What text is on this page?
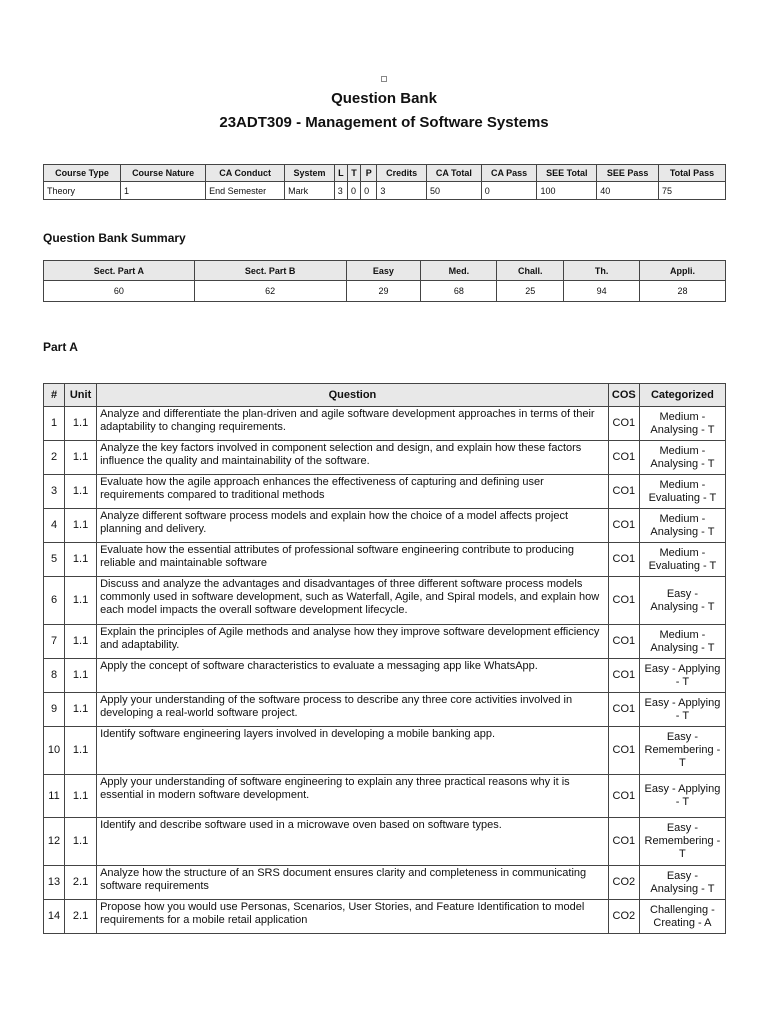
Question Bank
23ADT309 - Management of Software Systems
Course Type	Course Nature	CA Conduct	System	L	T	P	Credits	CA Total	CA Pass	SEE Total	SEE Pass	Total Pass
Theory	1	End Semester	Mark	3	0	0	3	50	0	100	40	75
Question Bank Summary
Sect. Part A	Sect. Part B	Easy	Med.	Chall.	Th.	Appli.
60	62	29	68	25	94	28
Part A
#	Unit	Question	COS	Categorized
1	1.1	Analyze and differentiate the plan-driven and agile software development approaches in terms of their adaptability to changing requirements.	CO1	Medium - Analysing - T
2	1.1	Analyze the key factors involved in component selection and design, and explain how these factors influence the quality and maintainability of the software.	CO1	Medium - Analysing - T
3	1.1	Evaluate how the agile approach enhances the effectiveness of capturing and defining user requirements compared to traditional methods	CO1	Medium - Evaluating - T
4	1.1	Analyze different software process models and explain how the choice of a model affects project planning and delivery.	CO1	Medium - Analysing - T
5	1.1	Evaluate how the essential attributes of professional software engineering contribute to producing reliable and maintainable software	CO1	Medium - Evaluating - T
6	1.1	Discuss and analyze the advantages and disadvantages of three different software process models commonly used in software development, such as Waterfall, Agile, and Spiral models, and explain how each model impacts the overall software development lifecycle.	CO1	Easy - Analysing - T
7	1.1	Explain the principles of Agile methods and analyse how they improve software development efficiency and adaptability.	CO1	Medium - Analysing - T
8	1.1	Apply the concept of software characteristics to evaluate a messaging app like WhatsApp.	CO1	Easy - Applying - T
9	1.1	Apply your understanding of the software process to describe any three core activities involved in developing a real-world software project.	CO1	Easy - Applying - T
10	1.1	Identify software engineering layers involved in developing a mobile banking app.	CO1	Easy - Remembering - T
11	1.1	Apply your understanding of software engineering to explain any three practical reasons why it is essential in modern software development.	CO1	Easy - Applying - T
12	1.1	Identify and describe software used in a microwave oven based on software types.	CO1	Easy - Remembering - T
13	2.1	Analyze how the structure of an SRS document ensures clarity and completeness in communicating software requirements	CO2	Easy - Analysing - T
14	2.1	Propose how you would use Personas, Scenarios, User Stories, and Feature Identification to model requirements for a mobile retail application	CO2	Challenging - Creating - A
